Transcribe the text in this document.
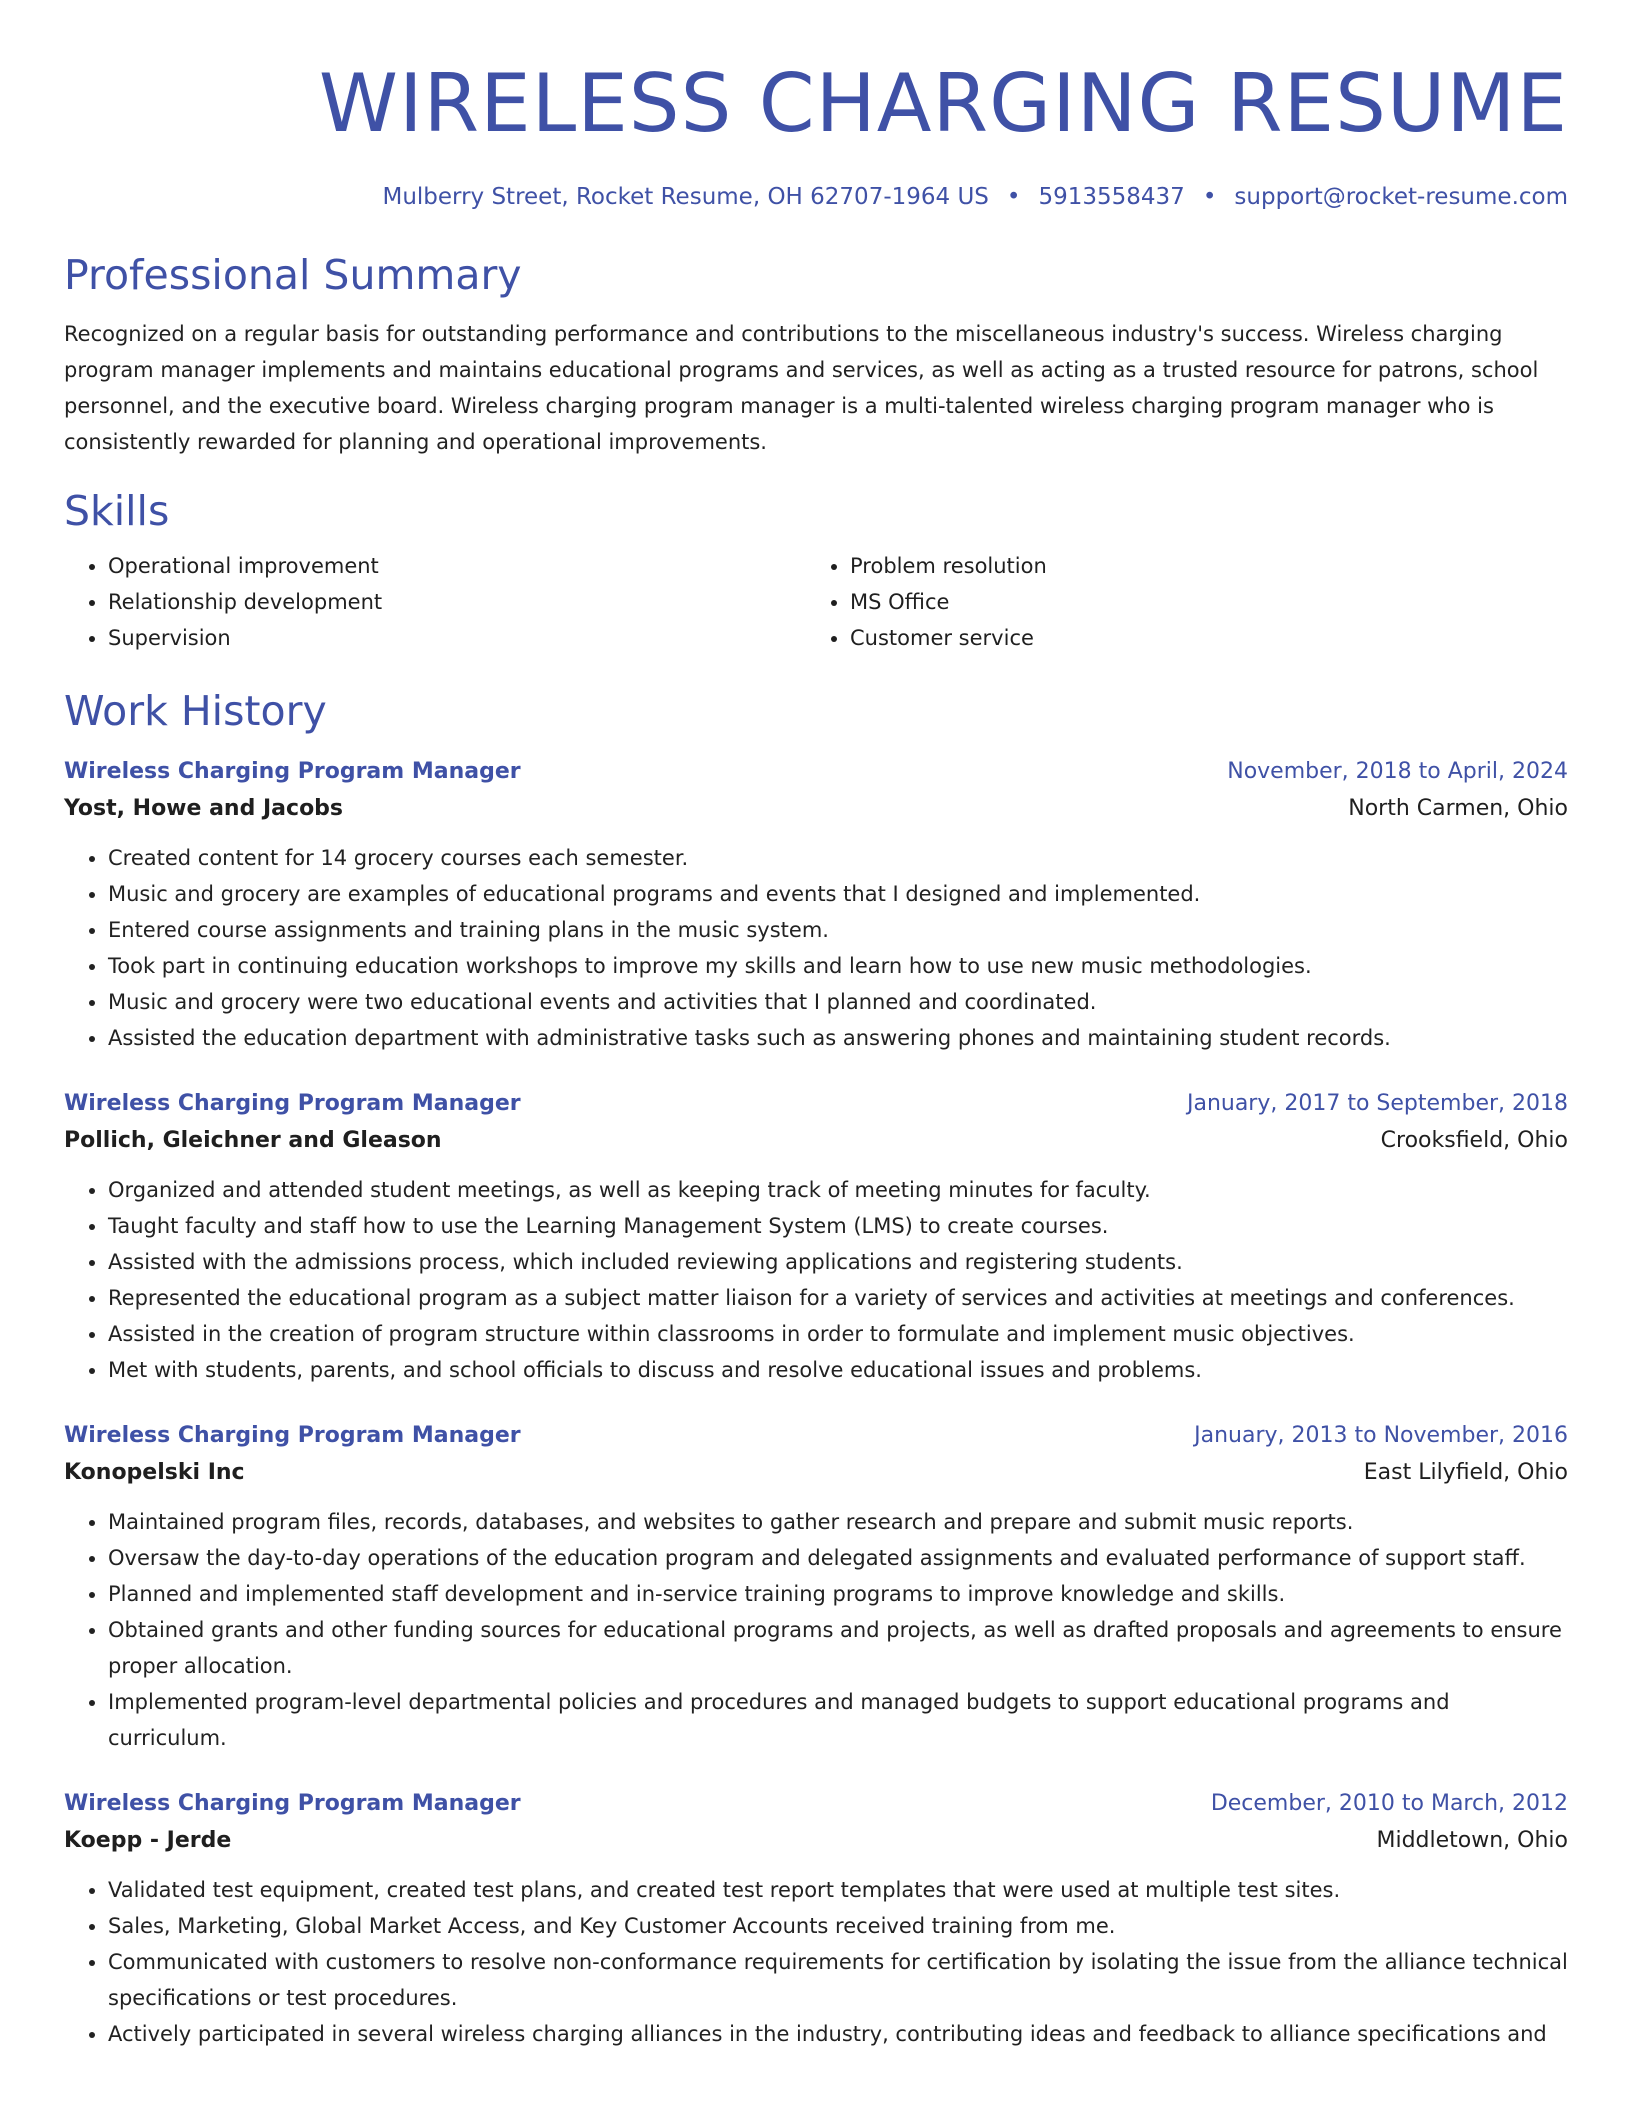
WIRELESS CHARGING RESUME
Mulberry Street, Rocket Resume, OH 62707-1964 US • 5913558437 • support@rocket-resume.com
Professional Summary
Recognized on a regular basis for outstanding performance and contributions to the miscellaneous industry's success. Wireless charging program manager implements and maintains educational programs and services, as well as acting as a trusted resource for patrons, school personnel, and the executive board. Wireless charging program manager is a multi-talented wireless charging program manager who is consistently rewarded for planning and operational improvements.
Skills
• Operational improvement
• Relationship development
• Supervision
• Problem resolution
• MS Office
• Customer service
Work History
Wireless Charging Program Manager	November, 2018 to April, 2024
Yost, Howe and Jacobs	North Carmen, Ohio
• Created content for 14 grocery courses each semester.
• Music and grocery are examples of educational programs and events that I designed and implemented.
• Entered course assignments and training plans in the music system.
• Took part in continuing education workshops to improve my skills and learn how to use new music methodologies.
• Music and grocery were two educational events and activities that I planned and coordinated.
• Assisted the education department with administrative tasks such as answering phones and maintaining student records.
Wireless Charging Program Manager	January, 2017 to September, 2018
Pollich, Gleichner and Gleason	Crooksfield, Ohio
• Organized and attended student meetings, as well as keeping track of meeting minutes for faculty.
• Taught faculty and staff how to use the Learning Management System (LMS) to create courses.
• Assisted with the admissions process, which included reviewing applications and registering students.
• Represented the educational program as a subject matter liaison for a variety of services and activities at meetings and conferences.
• Assisted in the creation of program structure within classrooms in order to formulate and implement music objectives.
• Met with students, parents, and school officials to discuss and resolve educational issues and problems.
Wireless Charging Program Manager	January, 2013 to November, 2016
Konopelski Inc	East Lilyfield, Ohio
• Maintained program files, records, databases, and websites to gather research and prepare and submit music reports.
• Oversaw the day-to-day operations of the education program and delegated assignments and evaluated performance of support staff.
• Planned and implemented staff development and in-service training programs to improve knowledge and skills.
• Obtained grants and other funding sources for educational programs and projects, as well as drafted proposals and agreements to ensure proper allocation.
• Implemented program-level departmental policies and procedures and managed budgets to support educational programs and curriculum.
Wireless Charging Program Manager	December, 2010 to March, 2012
Koepp - Jerde	Middletown, Ohio
• Validated test equipment, created test plans, and created test report templates that were used at multiple test sites.
• Sales, Marketing, Global Market Access, and Key Customer Accounts received training from me.
• Communicated with customers to resolve non-conformance requirements for certification by isolating the issue from the alliance technical specifications or test procedures.
• Actively participated in several wireless charging alliances in the industry, contributing ideas and feedback to alliance specifications and
